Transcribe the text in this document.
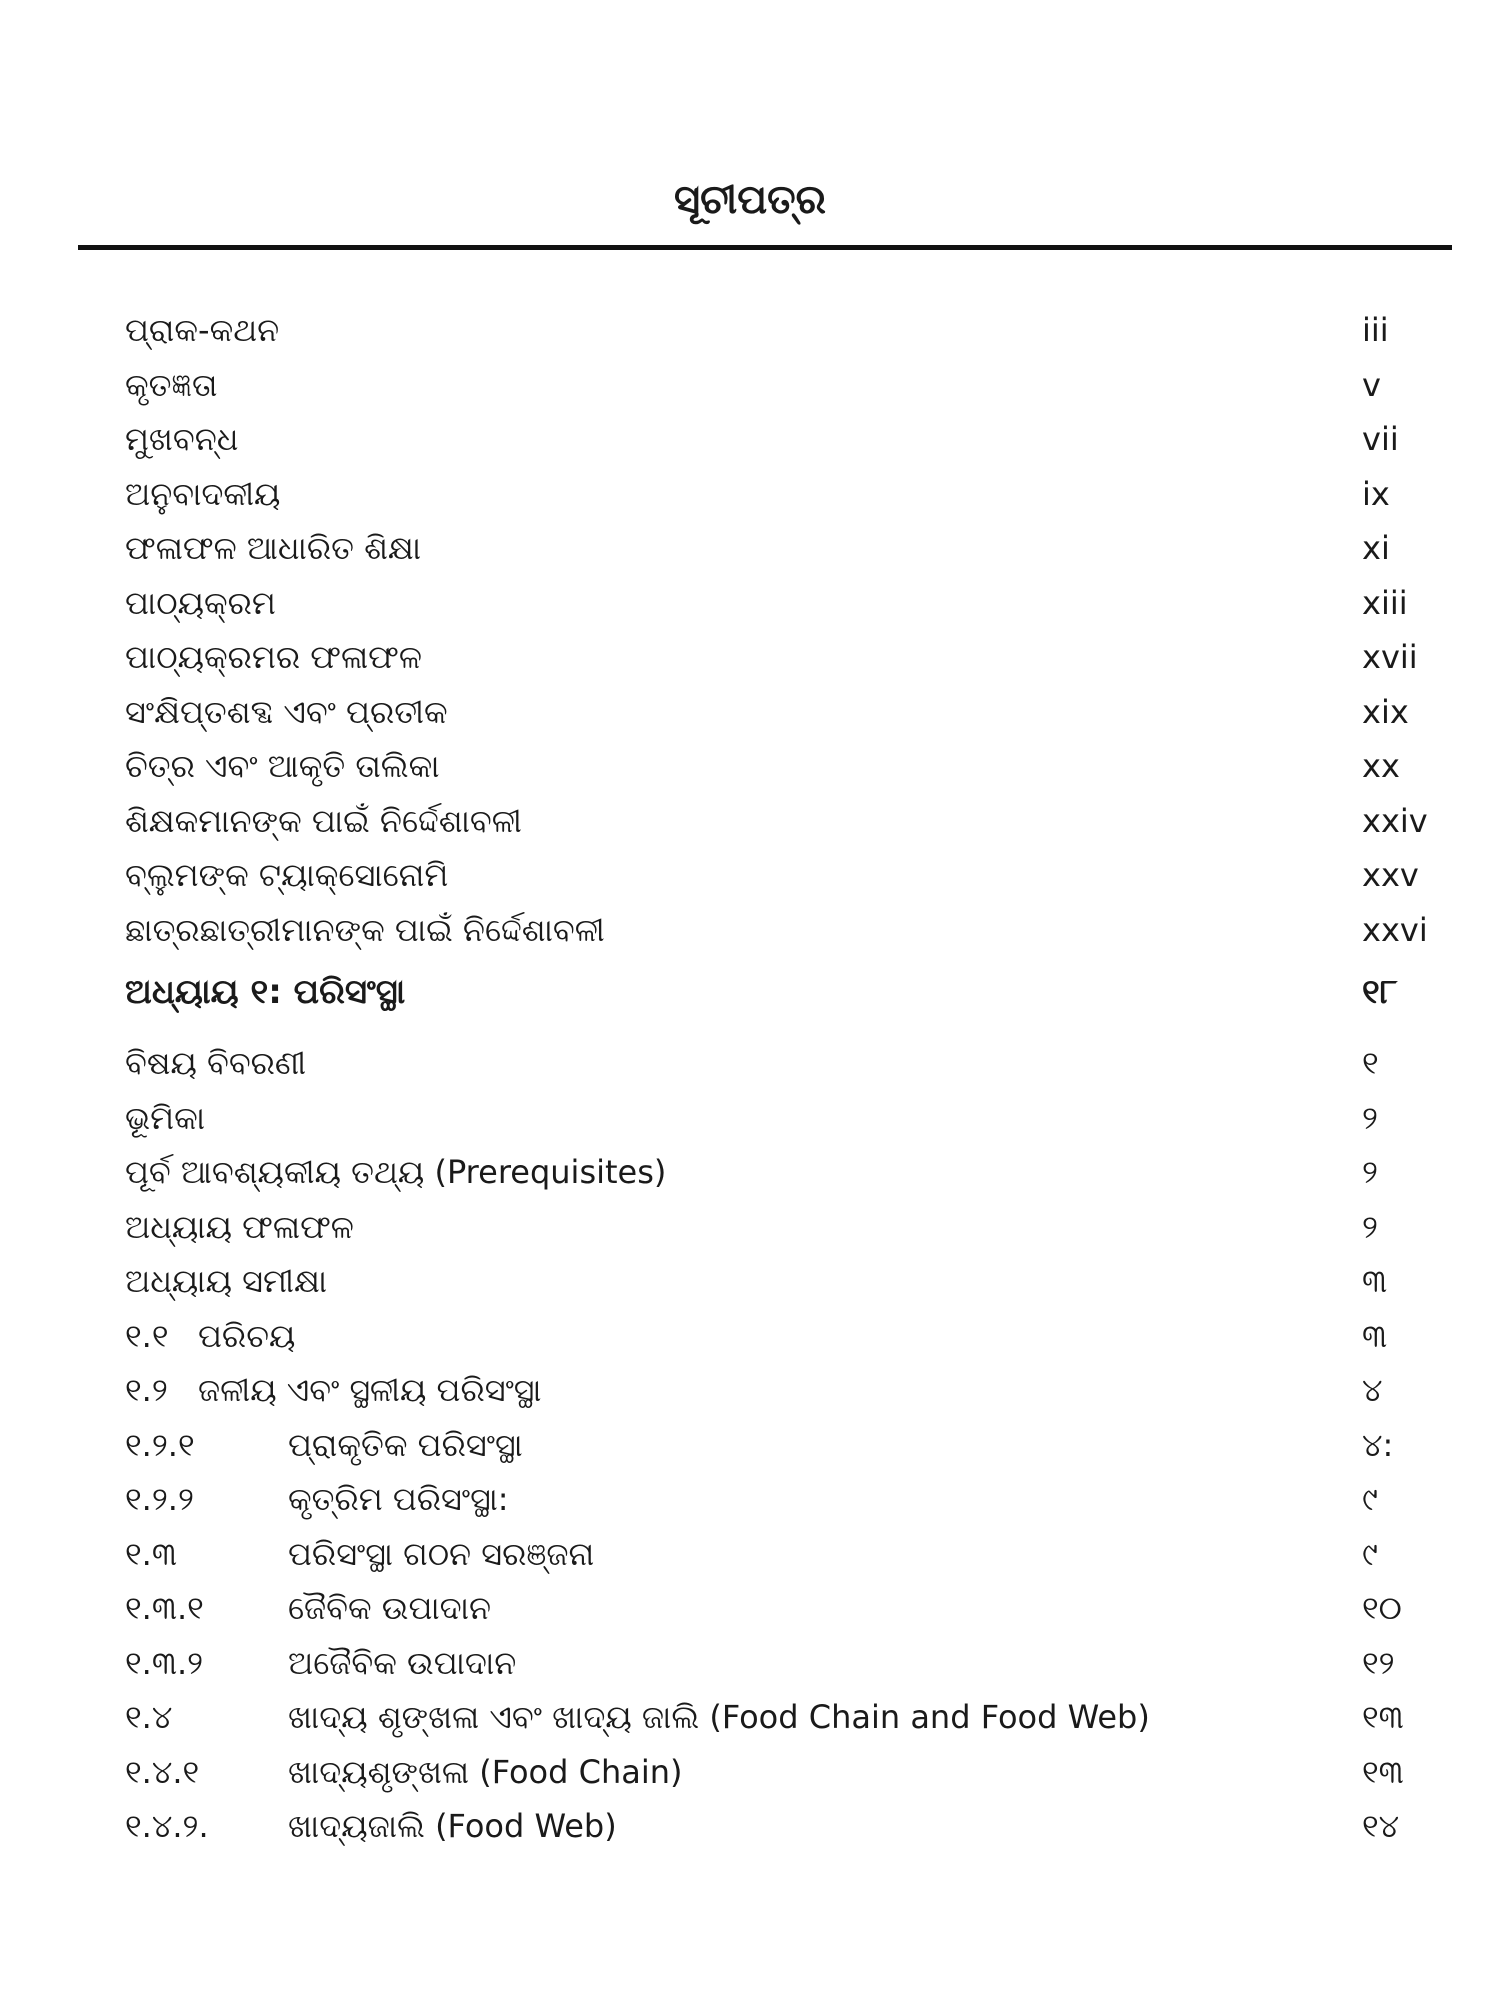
ସୂଚୀପତ୍ର
ପ୍ରାକ-କଥନ	iii
କୃତଜ୍ଞତା	v
ମୁଖବନ୍ଧ	vii
ଅନୁବାଦକୀୟ	ix
ଫଳାଫଳ ଆଧାରିତ ଶିକ୍ଷା	xi
ପାଠ୍ୟକ୍ରମ	xiii
ପାଠ୍ୟକ୍ରମର ଫଳାଫଳ	xvii
ସଂକ୍ଷିପ୍ତଶବ୍ଦ ଏବଂ ପ୍ରତୀକ	xix
ଚିତ୍ର ଏବଂ ଆକୃତି ତାଲିକା	xx
ଶିକ୍ଷକମାନଙ୍କ ପାଇଁ ନିର୍ଦ୍ଦେଶାବଳୀ	xxiv
ବ୍ଲୁମଙ୍କ ଟ୍ୟାକ୍ସୋନୋମି	xxv
ଛାତ୍ରଛାତ୍ରୀମାନଙ୍କ ପାଇଁ ନିର୍ଦ୍ଦେଶାବଳୀ	xxvi
ଅଧ୍ୟାୟ ୧: ପରିସଂସ୍ଥା	୧୮
ବିଷୟ ବିବରଣୀ	୧
ଭୂମିକା	୨
ପୂର୍ବ ଆବଶ୍ୟକୀୟ ତଥ୍ୟ (Prerequisites)	୨
ଅଧ୍ୟାୟ ଫଳାଫଳ	୨
ଅଧ୍ୟାୟ ସମୀକ୍ଷା	୩
୧.୧ ପରିଚୟ	୩
୧.୨ ଜଳୀୟ ଏବଂ ସ୍ଥଳୀୟ ପରିସଂସ୍ଥା	୪
୧.୨.୧	ପ୍ରାକୃତିକ ପରିସଂସ୍ଥା	୪:
୧.୨.୨	କୃତ୍ରିମ ପରିସଂସ୍ଥା:	୯
୧.୩	ପରିସଂସ୍ଥା ଗଠନ ସରଞ୍ଜନା	୯
୧.୩.୧	ଜୈବିକ ଉପାଦାନ	୧୦
୧.୩.୨	ଅଜୈବିକ ଉପାଦାନ	୧୨
୧.୪	ଖାଦ୍ୟ ଶୃଙ୍ଖଳା ଏବଂ ଖାଦ୍ୟ ଜାଲି (Food Chain and Food Web)	୧୩
୧.୪.୧	ଖାଦ୍ୟଶୃଙ୍ଖଳା (Food Chain)	୧୩
୧.୪.୨. ଖାଦ୍ୟଜାଲି (Food Web)	୧୪
